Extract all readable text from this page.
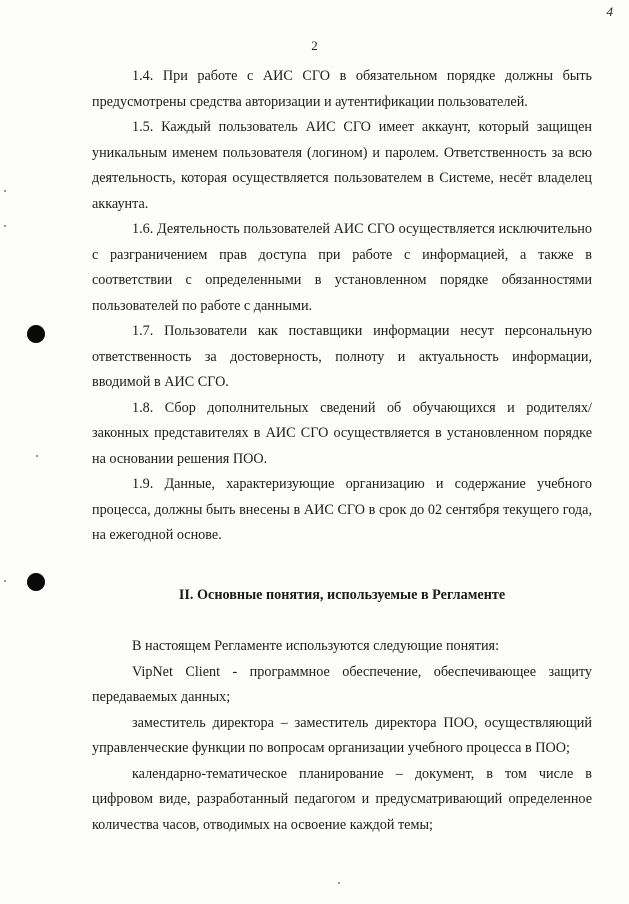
2
4

1.4. При работе с АИС СГО в обязательном порядке должны быть предусмотрены средства авторизации и аутентификации пользователей.

1.5. Каждый пользователь АИС СГО имеет аккаунт, который защищен уникальным именем пользователя (логином) и паролем. Ответственность за всю деятельность, которая осуществляется пользователем в Системе, несёт владелец аккаунта.

1.6. Деятельность пользователей АИС СГО осуществляется исключительно с разграничением прав доступа при работе с информацией, а также в соответствии с определенными в установленном порядке обязанностями пользователей по работе с данными.

1.7. Пользователи как поставщики информации несут персональную ответственность за достоверность, полноту и актуальность информации, вводимой в АИС СГО.

1.8. Сбор дополнительных сведений об обучающихся и родителях/законных представителях в АИС СГО осуществляется в установленном порядке на основании решения ПОО.

1.9. Данные, характеризующие организацию и содержание учебного процесса, должны быть внесены в АИС СГО в срок до 02 сентября текущего года, на ежегодной основе.

II. Основные понятия, используемые в Регламенте

В настоящем Регламенте используются следующие понятия:

VipNet Client - программное обеспечение, обеспечивающее защиту передаваемых данных;

заместитель директора – заместитель директора ПОО, осуществляющий управленческие функции по вопросам организации учебного процесса в ПОО;

календарно-тематическое планирование – документ, в том числе в цифровом виде, разработанный педагогом и предусматривающий определенное количества часов, отводимых на освоение каждой темы;
